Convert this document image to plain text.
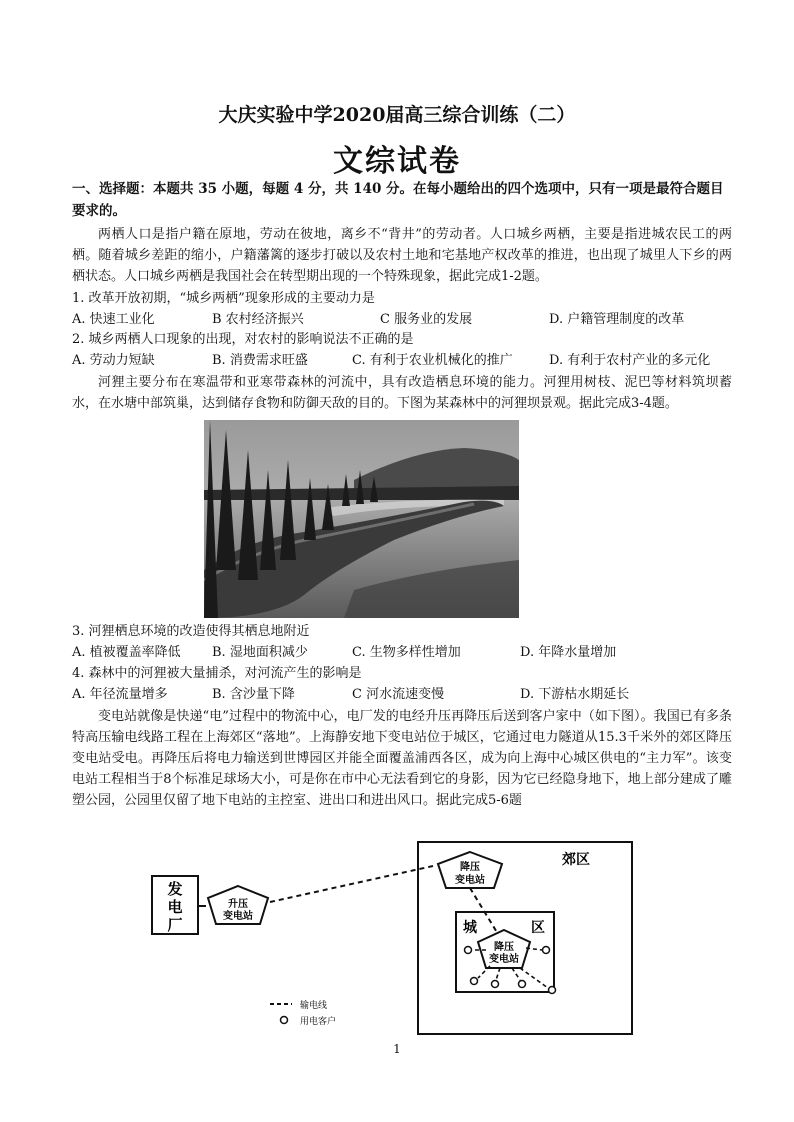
大庆实验中学2020届高三综合训练（二）
文综试卷
一、选择题：本题共 35 小题，每题 4 分，共 140 分。在每小题给出的四个选项中，只有一项是最符合题目要求的。
两栖人口是指户籍在原地，劳动在彼地，离乡不“背井”的劳动者。人口城乡两栖，主要是指进城农民工的两栖。随着城乡差距的缩小，户籍藩篱的逐步打破以及农村土地和宅基地产权改革的推进，也出现了城里人下乡的两栖状态。人口城乡两栖是我国社会在转型期出现的一个特殊现象，据此完成1-2题。
1. 改革开放初期，“城乡两栖”现象形成的主要动力是
A. 快速工业化	B 农村经济振兴	C 服务业的发展	D. 户籍管理制度的改革
2. 城乡两栖人口现象的出现，对农村的影响说法不正确的是
A. 劳动力短缺	B. 消费需求旺盛	C. 有利于农业机械化的推广	D. 有利于农村产业的多元化
河狸主要分布在寒温带和亚寒带森林的河流中，具有改造栖息环境的能力。河狸用树枝、泥巴等材料筑坝蓄水，在水塘中部筑巢，达到储存食物和防御天敌的目的。下图为某森林中的河狸坝景观。据此完成3-4题。
3. 河狸栖息环境的改造使得其栖息地附近
A. 植被覆盖率降低 B. 湿地面积减少	C. 生物多样性增加	D. 年降水量增加
4. 森林中的河狸被大量捕杀，对河流产生的影响是
A. 年径流量增多	B. 含沙量下降	C 河水流速变慢	D. 下游枯水期延长
变电站就像是快递“电”过程中的物流中心，电厂发的电经升压再降压后送到客户家中（如下图）。我国已有多条特高压输电线路工程在上海郊区“落地”。上海静安地下变电站位于城区，它通过电力隧道从15.3千米外的郊区降压变电站受电。再降压后将电力输送到世博园区并能全面覆盖浦西各区，成为向上海中心城区供电的“主力军”。该变电站工程相当于8个标准足球场大小，可是你在市中心无法看到它的身影，因为它已经隐身地下，地上部分建成了雕塑公园，公园里仅留了地下电站的主控室、进出口和进出风口。据此完成5-6题
发
电
厂
升压
变电站
郊区
降压
变电站
城	区
降压
变电站
输电线
用电客户
1
